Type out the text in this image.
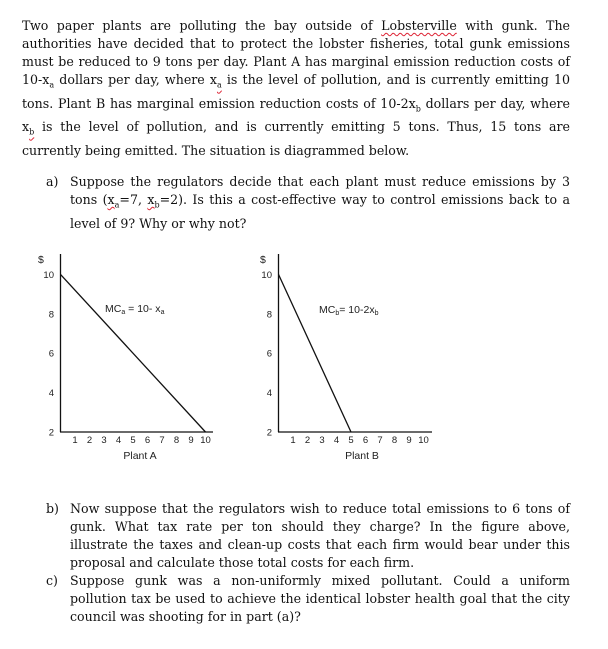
Two paper plants are polluting the bay outside of Lobsterville with gunk. The authorities have decided that to protect the lobster fisheries, total gunk emissions must be reduced to 9 tons per day. Plant A has marginal emission reduction costs of $10-x_a$ dollars per day, where $x_a$ is the level of pollution, and is currently emitting 10 tons. Plant B has marginal emission reduction costs of $10-2x_b$ dollars per day, where $x_b$ is the level of pollution, and is currently emitting 5 tons. Thus, 15 tons are currently being emitted. The situation is diagrammed below.
a) Suppose the regulators decide that each plant must reduce emissions by 3 tons ($x_a=7$, $x_b=2$). Is this a cost-effective way to control emissions back to a level of 9? Why or why not?
$
2
4
6
8
10
1 2 3 4 5 6 7 8 9 10
MCa = 10- xa
Plant A
$
2
4
6
8
10
1 2 3 4 5 6 7 8 9 10
MCb= 10-2xb
Plant B
b) Now suppose that the regulators wish to reduce total emissions to 6 tons of gunk. What tax rate per ton should they charge? In the figure above, illustrate the taxes and clean-up costs that each firm would bear under this proposal and calculate those total costs for each firm.
c) Suppose gunk was a non-uniformly mixed pollutant. Could a uniform pollution tax be used to achieve the identical lobster health goal that the city council was shooting for in part (a)?
